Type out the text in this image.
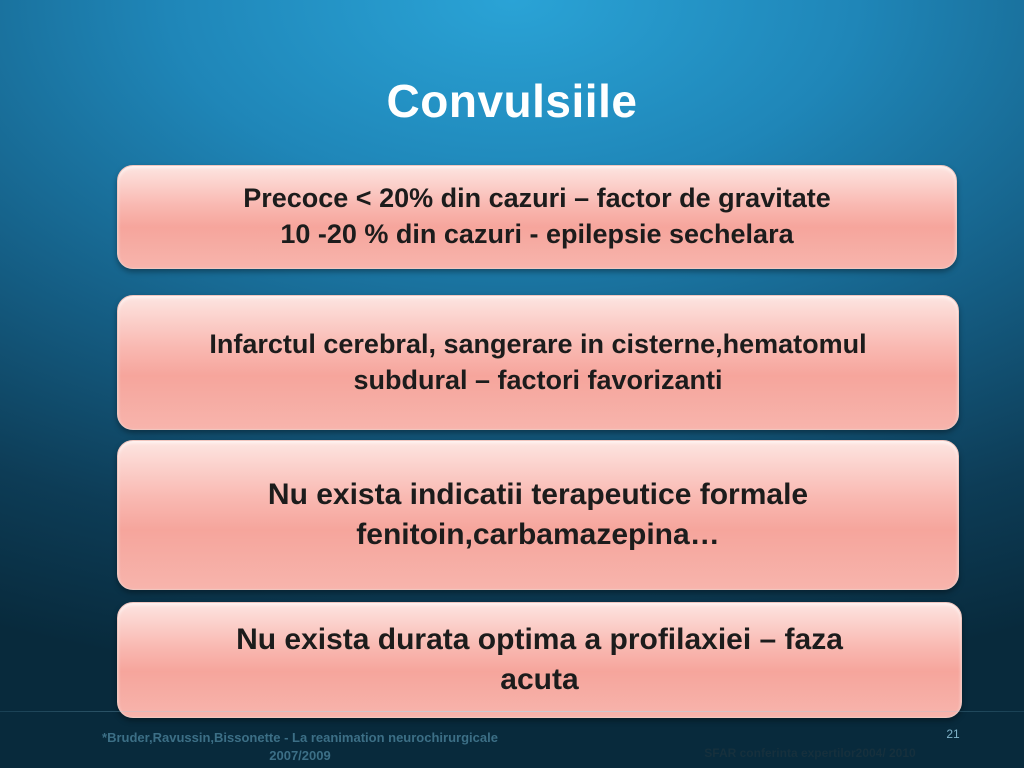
Convulsiile
Precoce < 20% din cazuri – factor de gravitate
10 -20 % din cazuri - epilepsie sechelara
Infarctul cerebral, sangerare in cisterne,hematomul
subdural – factori favorizanti
Nu exista indicatii terapeutice formale
fenitoin,carbamazepina…
Nu exista durata optima a profilaxiei – faza
acuta
*Bruder,Ravussin,Bissonette - La reanimation neurochirurgicale
2007/2009
21
SFAR conferinta expertilor2004/ 2010
